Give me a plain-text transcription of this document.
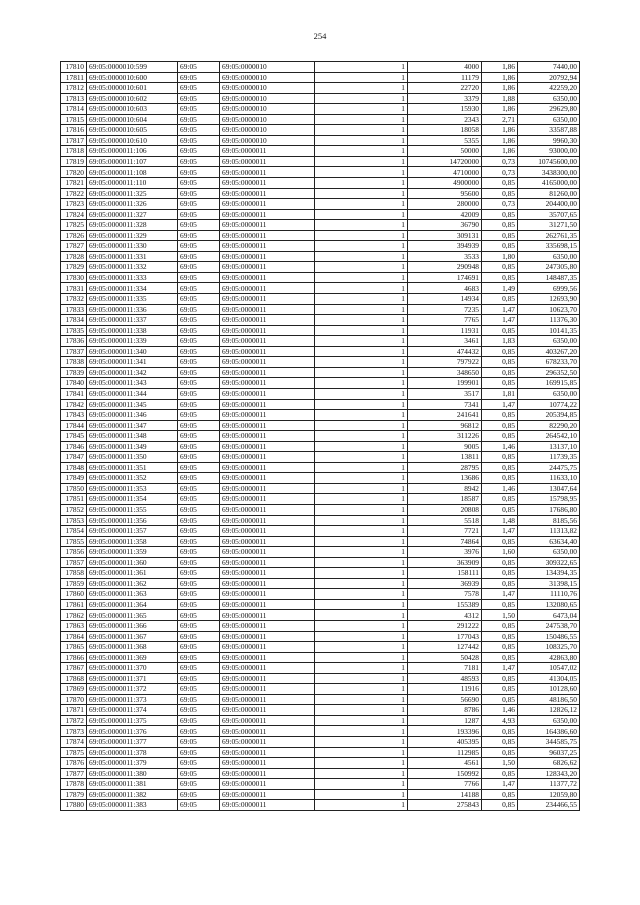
254
17810	69:05:0000010:599	69:05	69:05:0000010	1	4000	1,86	7440,00
17811	69:05:0000010:600	69:05	69:05:0000010	1	11179	1,86	20792,94
17812	69:05:0000010:601	69:05	69:05:0000010	1	22720	1,86	42259,20
17813	69:05:0000010:602	69:05	69:05:0000010	1	3379	1,88	6350,00
17814	69:05:0000010:603	69:05	69:05:0000010	1	15930	1,86	29629,80
17815	69:05:0000010:604	69:05	69:05:0000010	1	2343	2,71	6350,00
17816	69:05:0000010:605	69:05	69:05:0000010	1	18058	1,86	33587,88
17817	69:05:0000010:610	69:05	69:05:0000010	1	5355	1,86	9960,30
17818	69:05:0000011:106	69:05	69:05:0000011	1	50000	1,86	93000,00
17819	69:05:0000011:107	69:05	69:05:0000011	1	14720000	0,73	10745600,00
17820	69:05:0000011:108	69:05	69:05:0000011	1	4710000	0,73	3438300,00
17821	69:05:0000011:110	69:05	69:05:0000011	1	4900000	0,85	4165000,00
17822	69:05:0000011:325	69:05	69:05:0000011	1	95600	0,85	81260,00
17823	69:05:0000011:326	69:05	69:05:0000011	1	280000	0,73	204400,00
17824	69:05:0000011:327	69:05	69:05:0000011	1	42009	0,85	35707,65
17825	69:05:0000011:328	69:05	69:05:0000011	1	36790	0,85	31271,50
17826	69:05:0000011:329	69:05	69:05:0000011	1	309131	0,85	262761,35
17827	69:05:0000011:330	69:05	69:05:0000011	1	394939	0,85	335698,15
17828	69:05:0000011:331	69:05	69:05:0000011	1	3533	1,80	6350,00
17829	69:05:0000011:332	69:05	69:05:0000011	1	290948	0,85	247305,80
17830	69:05:0000011:333	69:05	69:05:0000011	1	174691	0,85	148487,35
17831	69:05:0000011:334	69:05	69:05:0000011	1	4683	1,49	6999,56
17832	69:05:0000011:335	69:05	69:05:0000011	1	14934	0,85	12693,90
17833	69:05:0000011:336	69:05	69:05:0000011	1	7235	1,47	10623,70
17834	69:05:0000011:337	69:05	69:05:0000011	1	7765	1,47	11376,30
17835	69:05:0000011:338	69:05	69:05:0000011	1	11931	0,85	10141,35
17836	69:05:0000011:339	69:05	69:05:0000011	1	3461	1,83	6350,00
17837	69:05:0000011:340	69:05	69:05:0000011	1	474432	0,85	403267,20
17838	69:05:0000011:341	69:05	69:05:0000011	1	797922	0,85	678233,70
17839	69:05:0000011:342	69:05	69:05:0000011	1	348650	0,85	296352,50
17840	69:05:0000011:343	69:05	69:05:0000011	1	199901	0,85	169915,85
17841	69:05:0000011:344	69:05	69:05:0000011	1	3517	1,81	6350,00
17842	69:05:0000011:345	69:05	69:05:0000011	1	7341	1,47	10774,22
17843	69:05:0000011:346	69:05	69:05:0000011	1	241641	0,85	205394,85
17844	69:05:0000011:347	69:05	69:05:0000011	1	96812	0,85	82290,20
17845	69:05:0000011:348	69:05	69:05:0000011	1	311226	0,85	264542,10
17846	69:05:0000011:349	69:05	69:05:0000011	1	9005	1,46	13137,10
17847	69:05:0000011:350	69:05	69:05:0000011	1	13811	0,85	11739,35
17848	69:05:0000011:351	69:05	69:05:0000011	1	28795	0,85	24475,75
17849	69:05:0000011:352	69:05	69:05:0000011	1	13686	0,85	11633,10
17850	69:05:0000011:353	69:05	69:05:0000011	1	8942	1,46	13047,64
17851	69:05:0000011:354	69:05	69:05:0000011	1	18587	0,85	15798,95
17852	69:05:0000011:355	69:05	69:05:0000011	1	20808	0,85	17686,80
17853	69:05:0000011:356	69:05	69:05:0000011	1	5518	1,48	8185,56
17854	69:05:0000011:357	69:05	69:05:0000011	1	7721	1,47	11313,82
17855	69:05:0000011:358	69:05	69:05:0000011	1	74864	0,85	63634,40
17856	69:05:0000011:359	69:05	69:05:0000011	1	3976	1,60	6350,00
17857	69:05:0000011:360	69:05	69:05:0000011	1	363909	0,85	309322,65
17858	69:05:0000011:361	69:05	69:05:0000011	1	158111	0,85	134394,35
17859	69:05:0000011:362	69:05	69:05:0000011	1	36939	0,85	31398,15
17860	69:05:0000011:363	69:05	69:05:0000011	1	7578	1,47	11110,76
17861	69:05:0000011:364	69:05	69:05:0000011	1	155389	0,85	132080,65
17862	69:05:0000011:365	69:05	69:05:0000011	1	4312	1,50	6473,04
17863	69:05:0000011:366	69:05	69:05:0000011	1	291222	0,85	247538,70
17864	69:05:0000011:367	69:05	69:05:0000011	1	177043	0,85	150486,55
17865	69:05:0000011:368	69:05	69:05:0000011	1	127442	0,85	108325,70
17866	69:05:0000011:369	69:05	69:05:0000011	1	50428	0,85	42863,80
17867	69:05:0000011:370	69:05	69:05:0000011	1	7181	1,47	10547,02
17868	69:05:0000011:371	69:05	69:05:0000011	1	48593	0,85	41304,05
17869	69:05:0000011:372	69:05	69:05:0000011	1	11916	0,85	10128,60
17870	69:05:0000011:373	69:05	69:05:0000011	1	56690	0,85	48186,50
17871	69:05:0000011:374	69:05	69:05:0000011	1	8786	1,46	12826,12
17872	69:05:0000011:375	69:05	69:05:0000011	1	1287	4,93	6350,00
17873	69:05:0000011:376	69:05	69:05:0000011	1	193396	0,85	164386,60
17874	69:05:0000011:377	69:05	69:05:0000011	1	405395	0,85	344585,75
17875	69:05:0000011:378	69:05	69:05:0000011	1	112985	0,85	96037,25
17876	69:05:0000011:379	69:05	69:05:0000011	1	4561	1,50	6826,62
17877	69:05:0000011:380	69:05	69:05:0000011	1	150992	0,85	128343,20
17878	69:05:0000011:381	69:05	69:05:0000011	1	7766	1,47	11377,72
17879	69:05:0000011:382	69:05	69:05:0000011	1	14188	0,85	12059,80
17880	69:05:0000011:383	69:05	69:05:0000011	1	275843	0,85	234466,55
